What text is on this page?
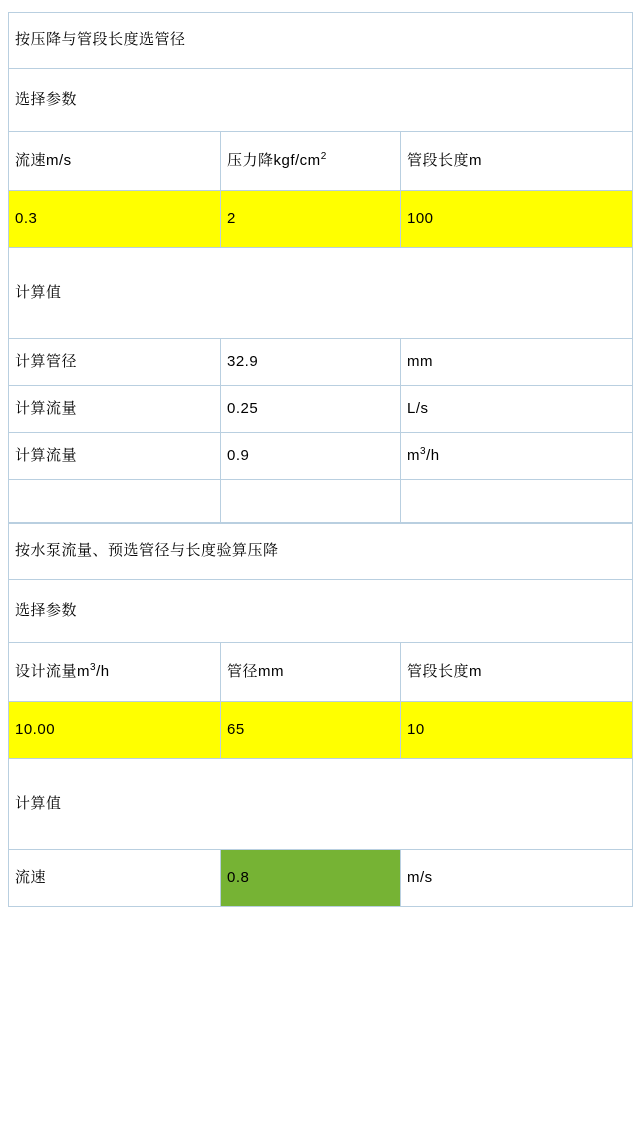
按压降与管段长度选管径		
选择参数		
流速m/s	压力降kgf/$cm^2$	管段长度m
0.3	2	100
计算值		
计算管径	32.9	mm
计算流量	0.25	L/s
计算流量	0.9	$m^3/h$

按水泵流量、预选管径与长度验算压降		
选择参数		
设计流量$m^3/h$	管径mm	管段长度m
10.00	65	10
计算值		
流速	0.8	m/s
